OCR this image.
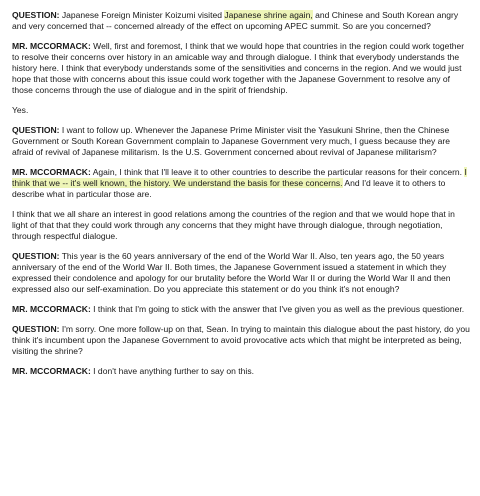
QUESTION: Japanese Foreign Minister Koizumi visited Japanese shrine again, and Chinese and South Korean angry and very concerned that -- concerned already of the effect on upcoming APEC summit. So are you concerned?

MR. MCCORMACK: Well, first and foremost, I think that we would hope that countries in the region could work together to resolve their concerns over history in an amicable way and through dialogue. I think that everybody understands the history here. I think that everybody understands some of the sensitivities and concerns in the region. And we would just hope that those with concerns about this issue could work together with the Japanese Government to resolve any of those concerns through the use of dialogue and in the spirit of friendship.

Yes.

QUESTION: I want to follow up. Whenever the Japanese Prime Minister visit the Yasukuni Shrine, then the Chinese Government or South Korean Government complain to Japanese Government very much, I guess because they are afraid of revival of Japanese militarism. Is the U.S. Government concerned about revival of Japanese militarism?

MR. MCCORMACK: Again, I think that I'll leave it to other countries to describe the particular reasons for their concern. I think that we -- it's well known, the history. We understand the basis for these concerns. And I'd leave it to others to describe what in particular those are.

I think that we all share an interest in good relations among the countries of the region and that we would hope that in light of that that they could work through any concerns that they might have through dialogue, through negotiation, through respectful dialogue.

QUESTION: This year is the 60 years anniversary of the end of the World War II. Also, ten years ago, the 50 years anniversary of the end of the World War II. Both times, the Japanese Government issued a statement in which they expressed their condolence and apology for our brutality before the World War II or during the World War II and then expressed also our self-examination. Do you appreciate this statement or do you think it's not enough?

MR. MCCORMACK: I think that I'm going to stick with the answer that I've given you as well as the previous questioner.

QUESTION: I'm sorry. One more follow-up on that, Sean. In trying to maintain this dialogue about the past history, do you think it's incumbent upon the Japanese Government to avoid provocative acts which that might be interpreted as being, visiting the shrine?

MR. MCCORMACK: I don't have anything further to say on this.
